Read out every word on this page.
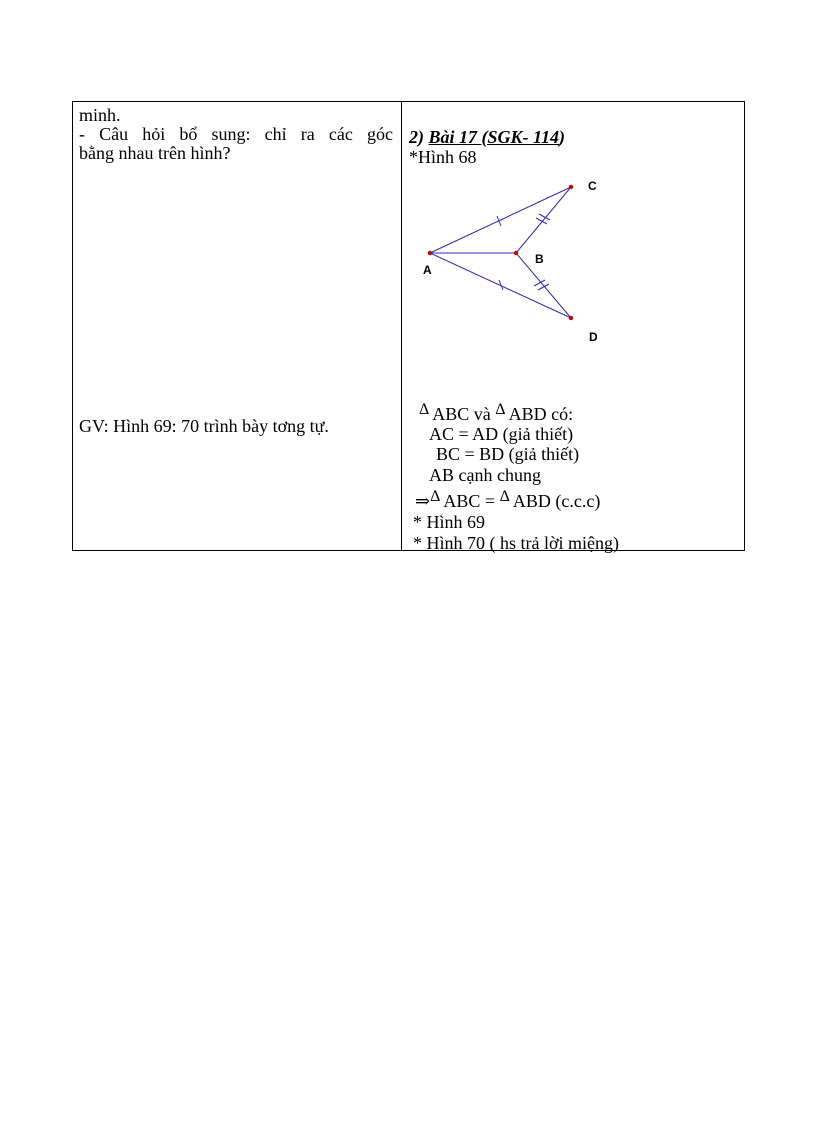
minh.
- Câu hỏi bổ sung: chỉ ra các góc
bằng nhau trên hình?
GV: Hình 69: 70 trình bày tơng tự.
2) Bài 17 (SGK- 114)
*Hình 68
A
B
C
D
Δ ABC và Δ ABD có:
AC = AD (giả thiết)
BC = BD (giả thiết)
AB cạnh chung
⇒Δ ABC = Δ ABD (c.c.c)
* Hình 69
* Hình 70 ( hs trả lời miệng)
